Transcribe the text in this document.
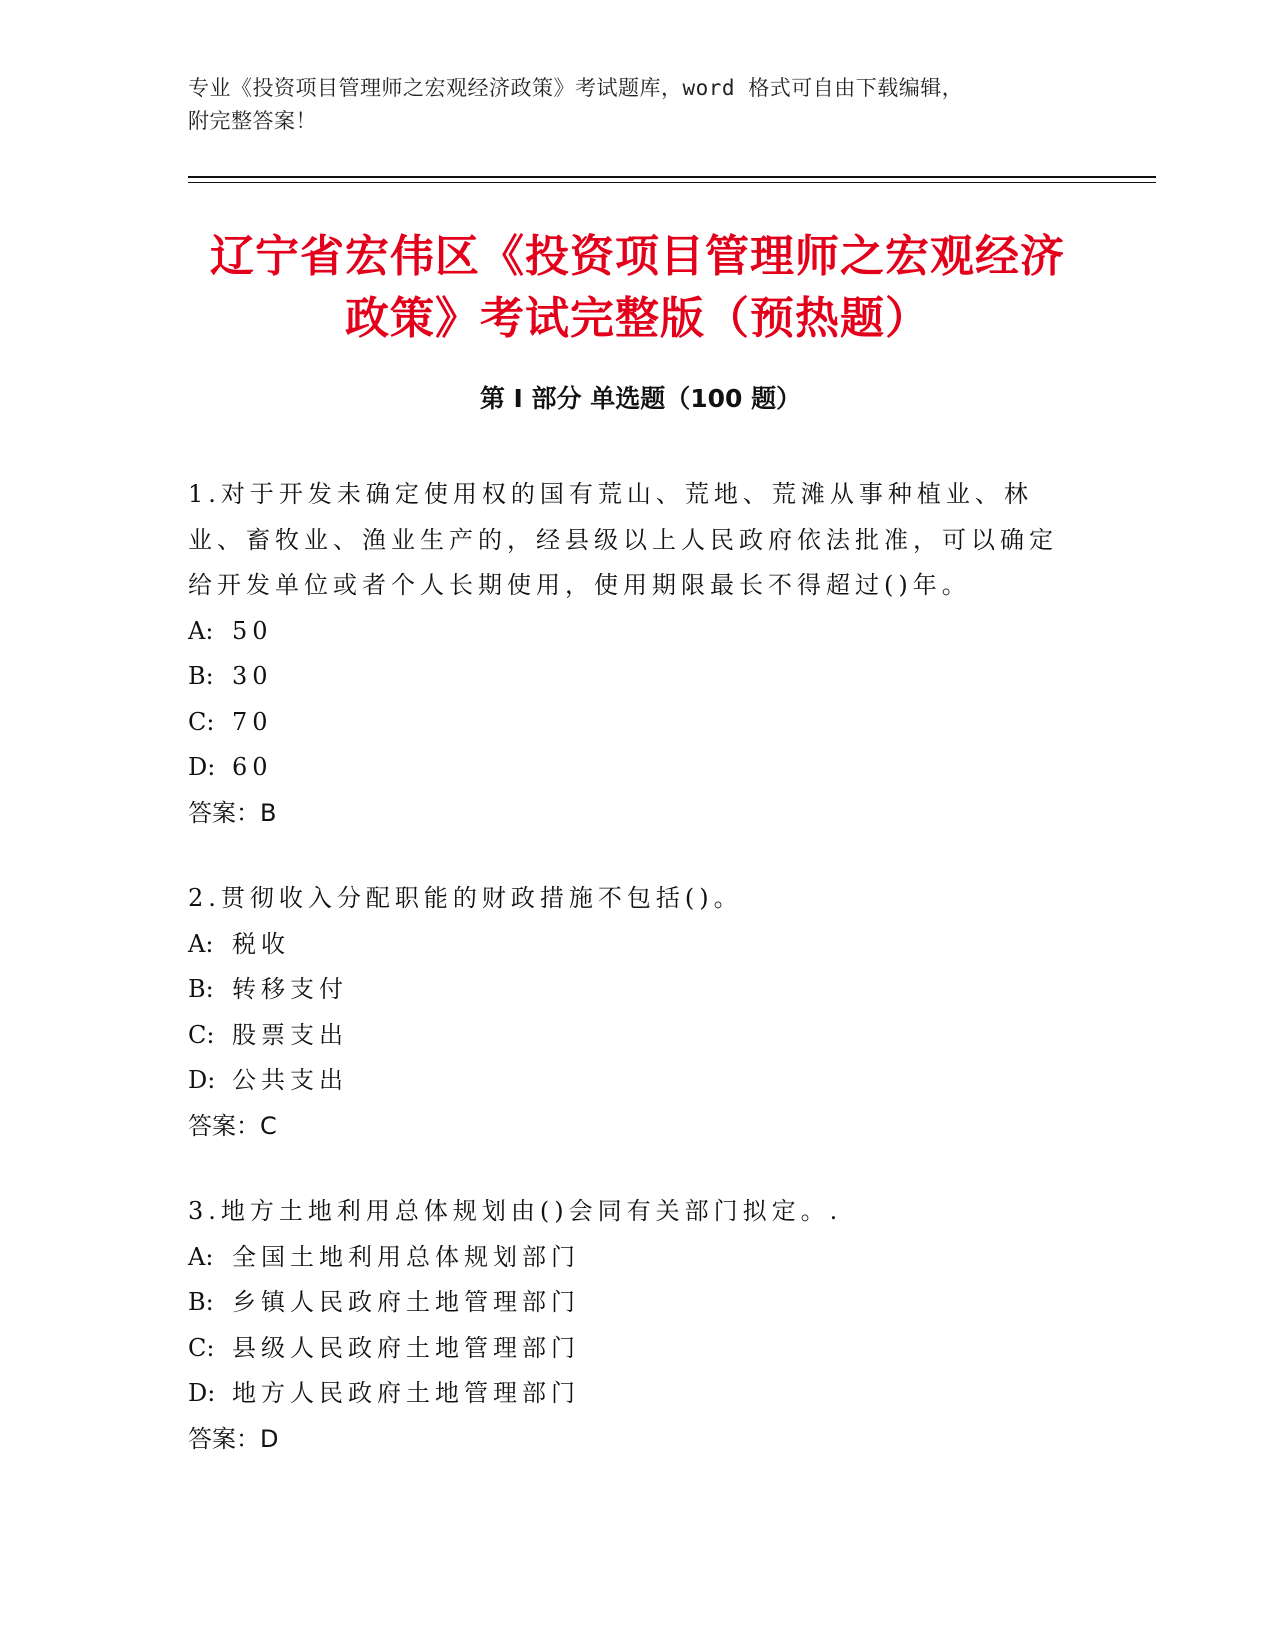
专业《投资项目管理师之宏观经济政策》考试题库，word 格式可自由下载编辑，
附完整答案！
辽宁省宏伟区《投资项目管理师之宏观经济
政策》考试完整版（预热题）
第 I 部分 单选题（100 题）
1.对于开发未确定使用权的国有荒山、荒地、荒滩从事种植业、林业、畜牧业、渔业生产的，经县级以上人民政府依法批准，可以确定给开发单位或者个人长期使用，使用期限最长不得超过()年。
A: 50
B: 30
C: 70
D: 60
答案：B
2.贯彻收入分配职能的财政措施不包括()。
A: 税收
B: 转移支付
C: 股票支出
D: 公共支出
答案：C
3.地方土地利用总体规划由()会同有关部门拟定。.
A: 全国土地利用总体规划部门
B: 乡镇人民政府土地管理部门
C: 县级人民政府土地管理部门
D: 地方人民政府土地管理部门
答案：D
